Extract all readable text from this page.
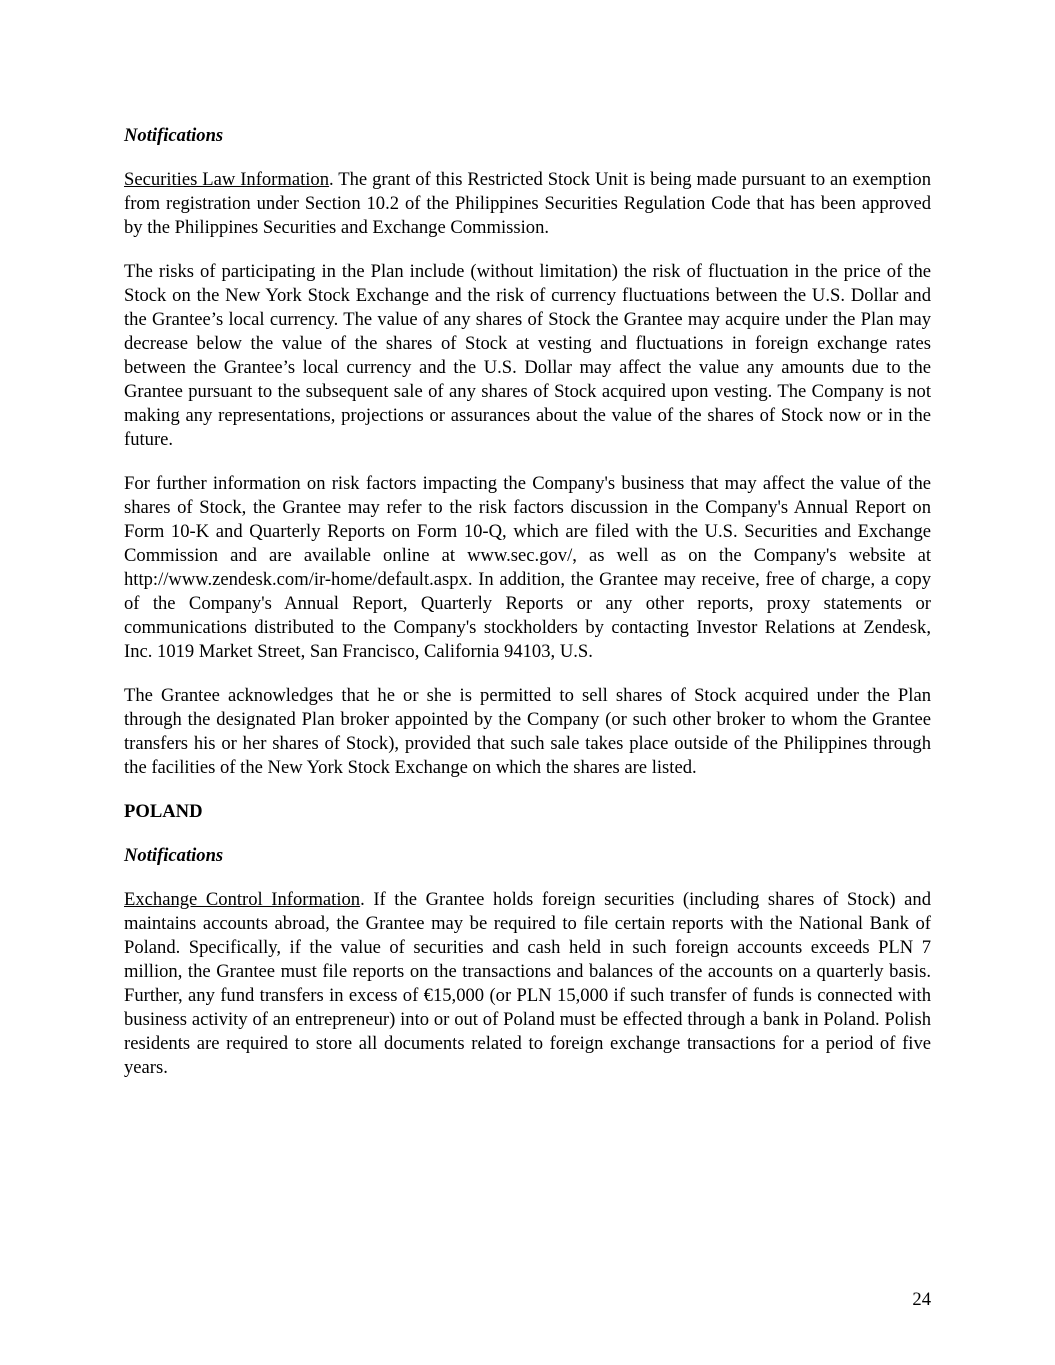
Notifications

Securities Law Information. The grant of this Restricted Stock Unit is being made pursuant to an exemption from registration under Section 10.2 of the Philippines Securities Regulation Code that has been approved by the Philippines Securities and Exchange Commission.

The risks of participating in the Plan include (without limitation) the risk of fluctuation in the price of the Stock on the New York Stock Exchange and the risk of currency fluctuations between the U.S. Dollar and the Grantee’s local currency. The value of any shares of Stock the Grantee may acquire under the Plan may decrease below the value of the shares of Stock at vesting and fluctuations in foreign exchange rates between the Grantee’s local currency and the U.S. Dollar may affect the value any amounts due to the Grantee pursuant to the subsequent sale of any shares of Stock acquired upon vesting. The Company is not making any representations, projections or assurances about the value of the shares of Stock now or in the future.

For further information on risk factors impacting the Company's business that may affect the value of the shares of Stock, the Grantee may refer to the risk factors discussion in the Company's Annual Report on Form 10-K and Quarterly Reports on Form 10-Q, which are filed with the U.S. Securities and Exchange Commission and are available online at www.sec.gov/, as well as on the Company's website at http://www.zendesk.com/ir-home/default.aspx. In addition, the Grantee may receive, free of charge, a copy of the Company's Annual Report, Quarterly Reports or any other reports, proxy statements or communications distributed to the Company's stockholders by contacting Investor Relations at Zendesk, Inc. 1019 Market Street, San Francisco, California 94103, U.S.

The Grantee acknowledges that he or she is permitted to sell shares of Stock acquired under the Plan through the designated Plan broker appointed by the Company (or such other broker to whom the Grantee transfers his or her shares of Stock), provided that such sale takes place outside of the Philippines through the facilities of the New York Stock Exchange on which the shares are listed.

POLAND

Notifications

Exchange Control Information. If the Grantee holds foreign securities (including shares of Stock) and maintains accounts abroad, the Grantee may be required to file certain reports with the National Bank of Poland. Specifically, if the value of securities and cash held in such foreign accounts exceeds PLN 7 million, the Grantee must file reports on the transactions and balances of the accounts on a quarterly basis. Further, any fund transfers in excess of €15,000 (or PLN 15,000 if such transfer of funds is connected with business activity of an entrepreneur) into or out of Poland must be effected through a bank in Poland. Polish residents are required to store all documents related to foreign exchange transactions for a period of five years.

24
